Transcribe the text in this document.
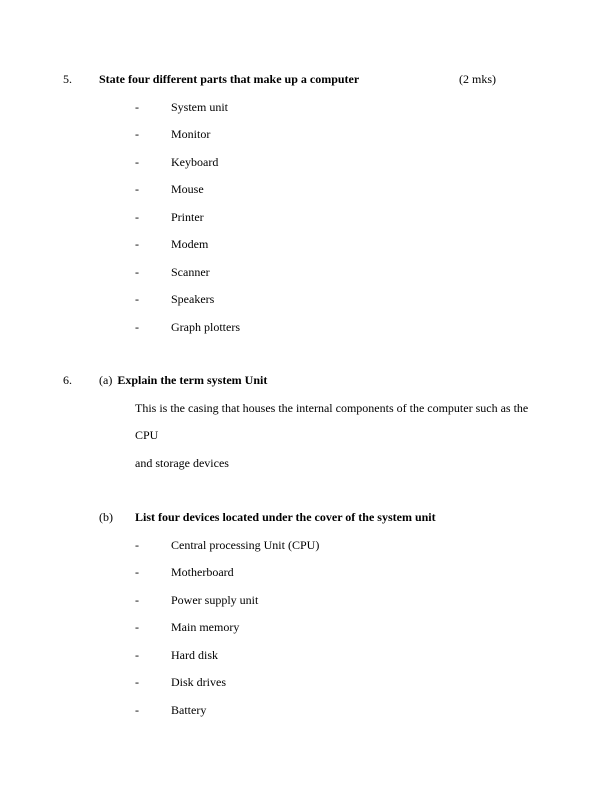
5.	State four different parts that make up a computer	(2 mks)
-	System unit
-	Monitor
-	Keyboard
-	Mouse
-	Printer
-	Modem
-	Scanner
-	Speakers
-	Graph plotters
6.	(a) Explain the term system Unit
This is the casing that houses the internal components of the computer such as the CPU
and storage devices
(b)	List four devices located under the cover of the system unit
-	Central processing Unit (CPU)
-	Motherboard
-	Power supply unit
-	Main memory
-	Hard disk
-	Disk drives
-	Battery
